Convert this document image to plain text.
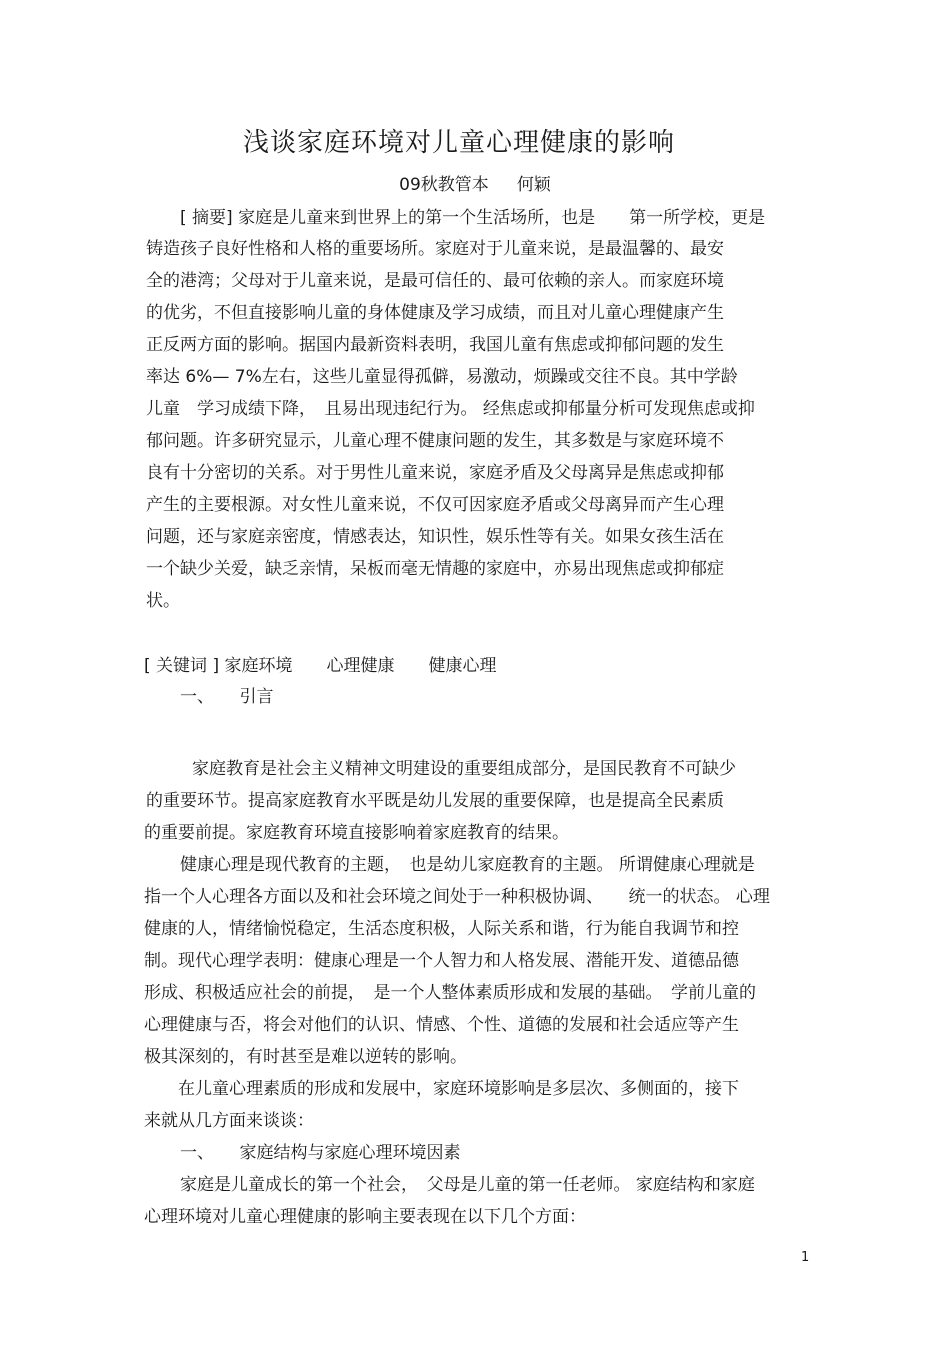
浅谈家庭环境对儿童心理健康的影响
09秋教管本 何颖
[ 摘要] 家庭是儿童来到世界上的第一个生活场所，也是　　第一所学校，更是
铸造孩子良好性格和人格的重要场所。家庭对于儿童来说，是最温馨的、最安
全的港湾；父母对于儿童来说，是最可信任的、最可依赖的亲人。而家庭环境
的优劣，不但直接影响儿童的身体健康及学习成绩，而且对儿童心理健康产生
正反两方面的影响。据国内最新资料表明，我国儿童有焦虑或抑郁问题的发生
率达 6%— 7%左右，这些儿童显得孤僻，易激动，烦躁或交往不良。其中学龄
儿童　学习成绩下降，　且易出现违纪行为。 经焦虑或抑郁量分析可发现焦虑或抑
郁问题。许多研究显示，儿童心理不健康问题的发生，其多数是与家庭环境不
良有十分密切的关系。对于男性儿童来说，家庭矛盾及父母离异是焦虑或抑郁
产生的主要根源。对女性儿童来说，不仅可因家庭矛盾或父母离异而产生心理
问题，还与家庭亲密度，情感表达，知识性，娱乐性等有关。如果女孩生活在
一个缺少关爱，缺乏亲情，呆板而毫无情趣的家庭中，亦易出现焦虑或抑郁症
状。
[ 关键词 ] 家庭环境　　心理健康　　健康心理
一、　　引言
家庭教育是社会主义精神文明建设的重要组成部分，是国民教育不可缺少
的重要环节。提高家庭教育水平既是幼儿发展的重要保障，也是提高全民素质
的重要前提。家庭教育环境直接影响着家庭教育的结果。
健康心理是现代教育的主题，　也是幼儿家庭教育的主题。 所谓健康心理就是
指一个人心理各方面以及和社会环境之间处于一种积极协调、　　统一的状态。 心理
健康的人，情绪愉悦稳定，生活态度积极，人际关系和谐，行为能自我调节和控
制。现代心理学表明：健康心理是一个人智力和人格发展、潜能开发、道德品德
形成、积极适应社会的前提，　是一个人整体素质形成和发展的基础。　学前儿童的
心理健康与否，将会对他们的认识、情感、个性、道德的发展和社会适应等产生
极其深刻的，有时甚至是难以逆转的影响。
在儿童心理素质的形成和发展中，家庭环境影响是多层次、多侧面的，接下
来就从几方面来谈谈：
一、　　家庭结构与家庭心理环境因素
家庭是儿童成长的第一个社会，　父母是儿童的第一任老师。 家庭结构和家庭
心理环境对儿童心理健康的影响主要表现在以下几个方面：
1
